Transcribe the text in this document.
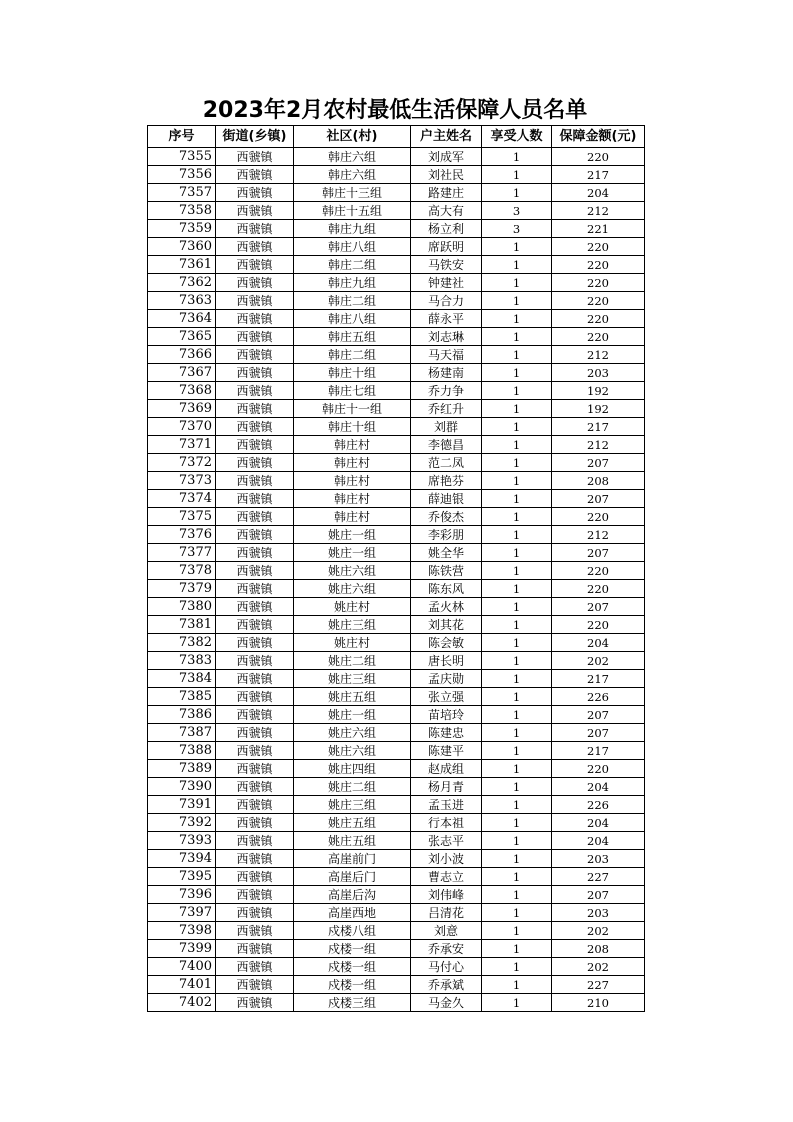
2023年2月农村最低生活保障人员名单
序号	街道(乡镇)	社区(村)	户主姓名	享受人数	保障金额(元)
7355	西虢镇	韩庄六组	刘成军	1	220
7356	西虢镇	韩庄六组	刘社民	1	217
7357	西虢镇	韩庄十三组	路建庄	1	204
7358	西虢镇	韩庄十五组	高大有	3	212
7359	西虢镇	韩庄九组	杨立利	3	221
7360	西虢镇	韩庄八组	席跃明	1	220
7361	西虢镇	韩庄二组	马铁安	1	220
7362	西虢镇	韩庄九组	钟建社	1	220
7363	西虢镇	韩庄二组	马合力	1	220
7364	西虢镇	韩庄八组	薛永平	1	220
7365	西虢镇	韩庄五组	刘志琳	1	220
7366	西虢镇	韩庄二组	马天福	1	212
7367	西虢镇	韩庄十组	杨建南	1	203
7368	西虢镇	韩庄七组	乔力争	1	192
7369	西虢镇	韩庄十一组	乔红升	1	192
7370	西虢镇	韩庄十组	刘群	1	217
7371	西虢镇	韩庄村	李德昌	1	212
7372	西虢镇	韩庄村	范二凤	1	207
7373	西虢镇	韩庄村	席艳芬	1	208
7374	西虢镇	韩庄村	薛迪银	1	207
7375	西虢镇	韩庄村	乔俊杰	1	220
7376	西虢镇	姚庄一组	李彩朋	1	212
7377	西虢镇	姚庄一组	姚全华	1	207
7378	西虢镇	姚庄六组	陈铁营	1	220
7379	西虢镇	姚庄六组	陈东风	1	220
7380	西虢镇	姚庄村	孟火林	1	207
7381	西虢镇	姚庄三组	刘其花	1	220
7382	西虢镇	姚庄村	陈会敏	1	204
7383	西虢镇	姚庄二组	唐长明	1	202
7384	西虢镇	姚庄三组	孟庆勋	1	217
7385	西虢镇	姚庄五组	张立强	1	226
7386	西虢镇	姚庄一组	苗培玲	1	207
7387	西虢镇	姚庄六组	陈建忠	1	207
7388	西虢镇	姚庄六组	陈建平	1	217
7389	西虢镇	姚庄四组	赵成组	1	220
7390	西虢镇	姚庄二组	杨月青	1	204
7391	西虢镇	姚庄三组	孟玉进	1	226
7392	西虢镇	姚庄五组	行本祖	1	204
7393	西虢镇	姚庄五组	张志平	1	204
7394	西虢镇	高崖前门	刘小波	1	203
7395	西虢镇	高崖后门	曹志立	1	227
7396	西虢镇	高崖后沟	刘伟峰	1	207
7397	西虢镇	高崖西地	吕清花	1	203
7398	西虢镇	戍楼八组	刘意	1	202
7399	西虢镇	戍楼一组	乔承安	1	208
7400	西虢镇	戍楼一组	马付心	1	202
7401	西虢镇	戍楼一组	乔承斌	1	227
7402	西虢镇	戍楼三组	马金久	1	210
